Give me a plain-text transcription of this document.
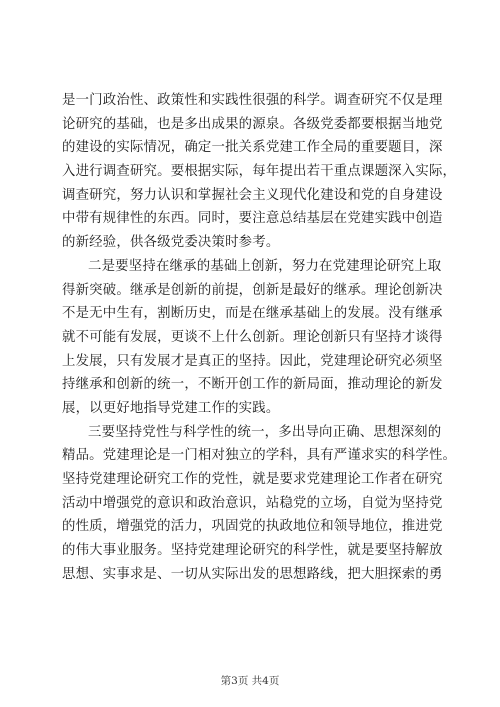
是一门政治性、政策性和实践性很强的科学。调查研究不仅是理
论研究的基础，也是多出成果的源泉。各级党委都要根据当地党
的建设的实际情况，确定一批关系党建工作全局的重要题目，深
入进行调查研究。要根据实际，每年提出若干重点课题深入实际，
调查研究，努力认识和掌握社会主义现代化建设和党的自身建设
中带有规律性的东西。同时，要注意总结基层在党建实践中创造
的新经验，供各级党委决策时参考。
二是要坚持在继承的基础上创新，努力在党建理论研究上取
得新突破。继承是创新的前提，创新是最好的继承。理论创新决
不是无中生有，割断历史，而是在继承基础上的发展。没有继承
就不可能有发展，更谈不上什么创新。理论创新只有坚持才谈得
上发展，只有发展才是真正的坚持。因此，党建理论研究必须坚
持继承和创新的统一，不断开创工作的新局面，推动理论的新发
展，以更好地指导党建工作的实践。
三要坚持党性与科学性的统一，多出导向正确、思想深刻的
精品。党建理论是一门相对独立的学科，具有严谨求实的科学性。
坚持党建理论研究工作的党性，就是要求党建理论工作者在研究
活动中增强党的意识和政治意识，站稳党的立场，自觉为坚持党
的性质，增强党的活力，巩固党的执政地位和领导地位，推进党
的伟大事业服务。坚持党建理论研究的科学性，就是要坚持解放
思想、实事求是、一切从实际出发的思想路线，把大胆探索的勇
第3页 共4页
